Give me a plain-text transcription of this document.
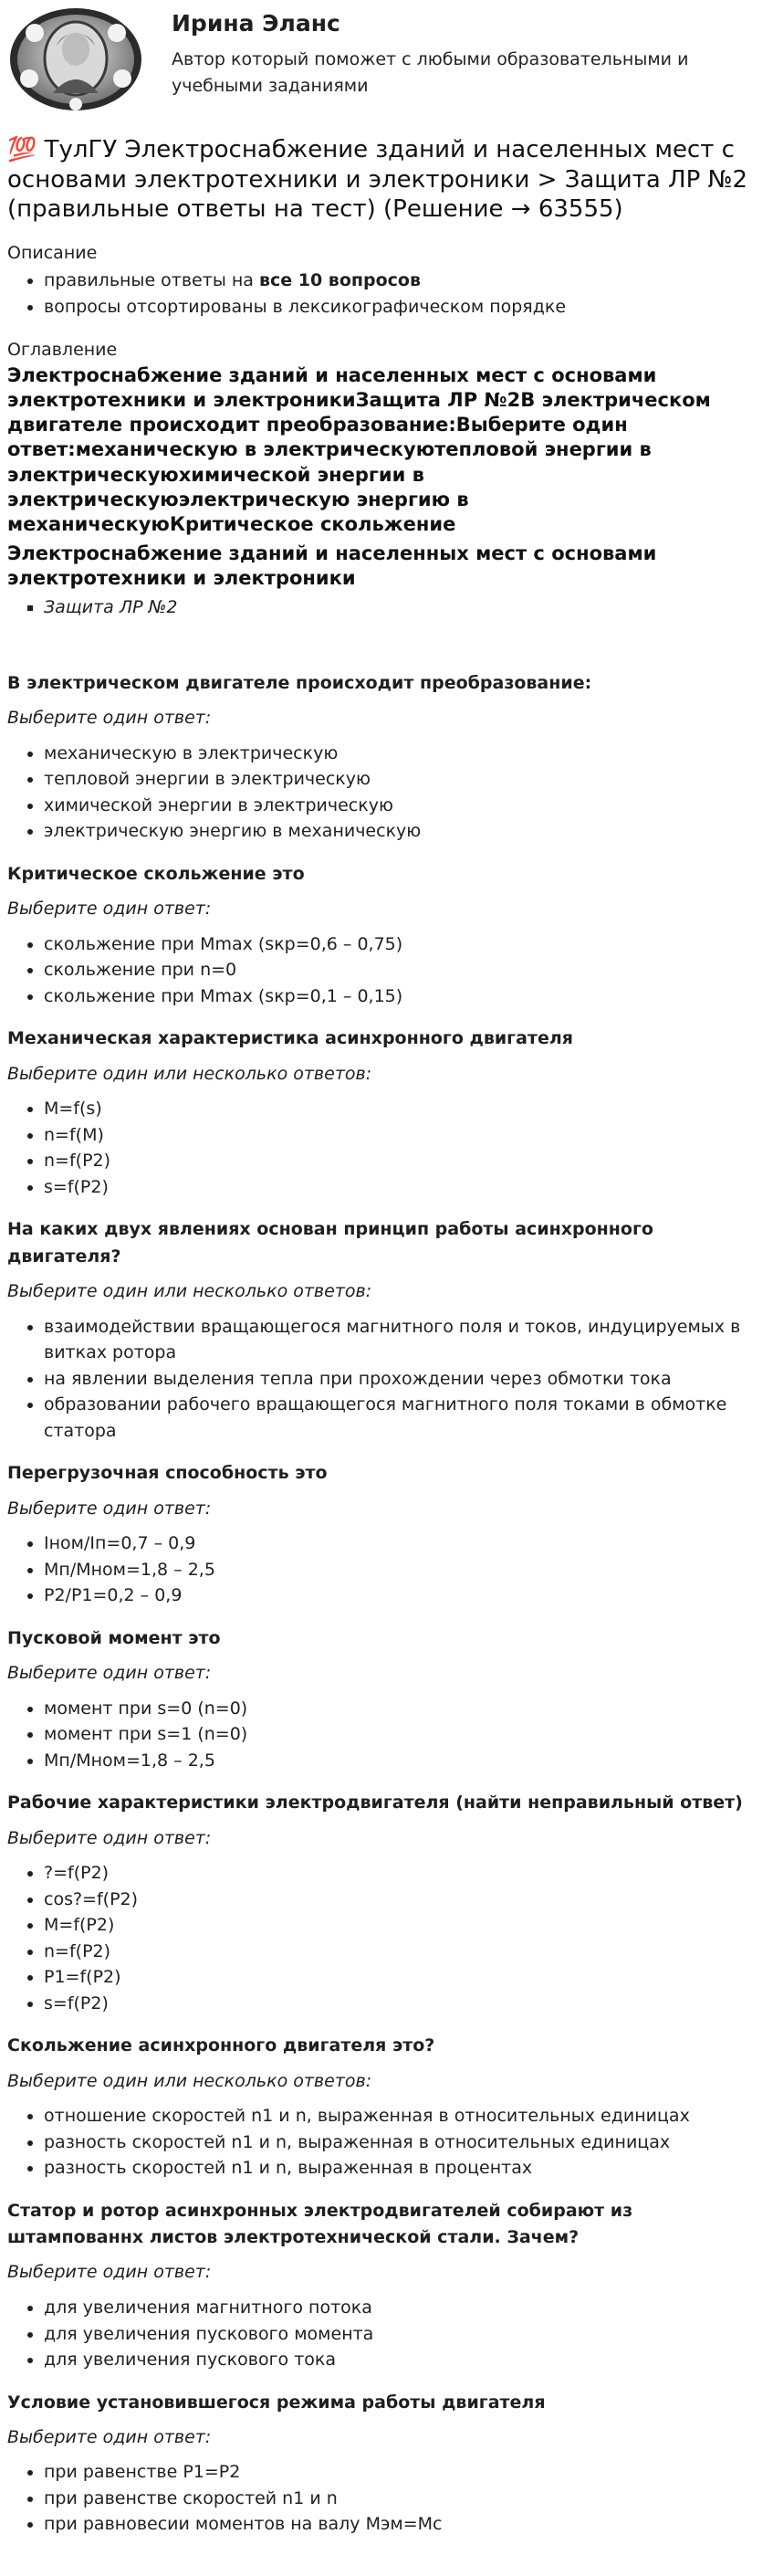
Ирина Эланс
Автор который поможет с любыми образовательными и учебными заданиями
💯 ТулГУ Электроснабжение зданий и населенных мест с основами электротехники и электроники > Защита ЛР №2 (правильные ответы на тест) (Решение → 63555)

Описание

• правильные ответы на все 10 вопросов
• вопросы отсортированы в лексикографическом порядке

Оглавление

Электроснабжение зданий и населенных мест с основами электротехники и электроникиЗащита ЛР №2В электрическом двигателе происходит преобразование:Выберите один ответ:механическую в электрическуютепловой энергии в электрическуюхимической энергии в электрическуюэлектрическую энергию в механическуюКритическое скольжение

Электроснабжение зданий и населенных мест с основами электротехники и электроники

▪ Защита ЛР №2

В электрическом двигателе происходит преобразование:

Выберите один ответ:

• механическую в электрическую
• тепловой энергии в электрическую
• химической энергии в электрическую
• электрическую энергию в механическую

Критическое скольжение это

Выберите один ответ:

• скольжение при Mmax (sкр=0,6 – 0,75)
• скольжение при n=0
• скольжение при Mmax (sкр=0,1 – 0,15)

Механическая характеристика асинхронного двигателя

Выберите один или несколько ответов:

• M=f(s)
• n=f(M)
• n=f(P2)
• s=f(P2)

На каких двух явлениях основан принцип работы асинхронного двигателя?

Выберите один или несколько ответов:

• взаимодействии вращающегося магнитного поля и токов, индуцируемых в витках ротора
• на явлении выделения тепла при прохождении через обмотки тока
• образовании рабочего вращающегося магнитного поля токами в обмотке статора

Перегрузочная способность это

Выберите один ответ:

• Iном/Iп=0,7 – 0,9
• Мп/Мном=1,8 – 2,5
• Р2/Р1=0,2 – 0,9

Пусковой момент это

Выберите один ответ:

• момент при s=0 (n=0)
• момент при s=1 (n=0)
• Мп/Мном=1,8 – 2,5

Рабочие характеристики электродвигателя (найти неправильный ответ)

Выберите один ответ:

• ?=f(P2)
• cos?=f(P2)
• M=f(P2)
• n=f(P2)
• P1=f(P2)
• s=f(P2)

Скольжение асинхронного двигателя это?

Выберите один или несколько ответов:

• отношение скоростей n1 и n, выраженная в относительных единицах
• разность скоростей n1 и n, выраженная в относительных единицах
• разность скоростей n1 и n, выраженная в процентах

Статор и ротор асинхронных электродвигателей собирают из штампованнх листов электротехнической стали. Зачем?

Выберите один ответ:

• для увеличения магнитного потока
• для увеличения пускового момента
• для увеличения пускового тока

Условие установившегося режима работы двигателя

Выберите один ответ:

• при равенстве Р1=Р2
• при равенстве скоростей n1 и n
• при равновесии моментов на валу Мэм=Мс
